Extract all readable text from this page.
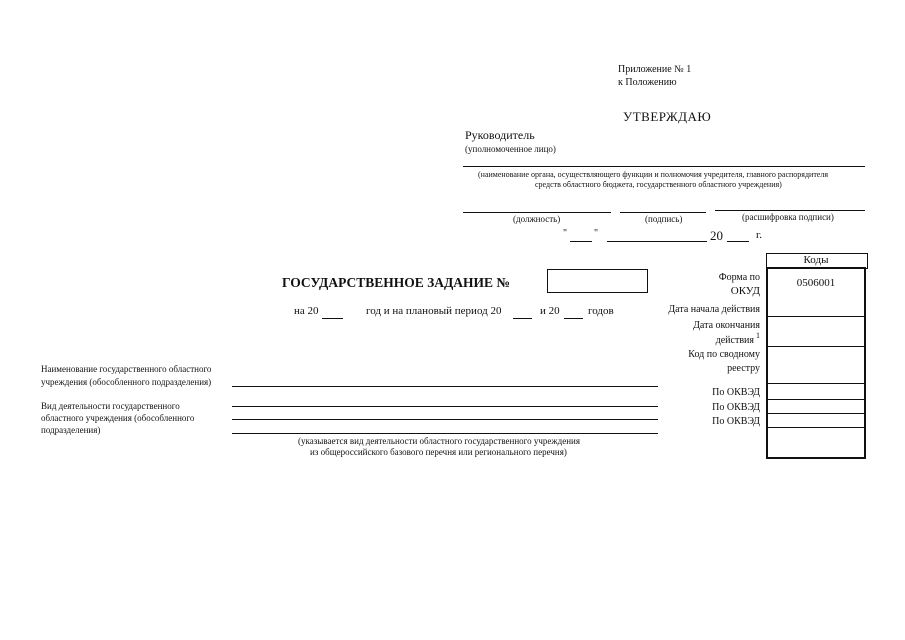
Приложение № 1
к Положению
УТВЕРЖДАЮ
Руководитель
(уполномоченное лицо)
(наименование органа, осуществляющего функции и полномочия учредителя, главного распорядителя
средств областного бюджета, государственного областного учреждения)
(должность)	(подпись)	(расшифровка подписи)
"	"	20	г.
ГОСУДАРСТВЕННОЕ ЗАДАНИЕ №
на 20	год и на плановый период 20	и 20	годов
Коды
Форма по
ОКУД
0506001
Дата начала действия
Дата окончания
действия 1
Код по сводному
реестру
По ОКВЭД
По ОКВЭД
По ОКВЭД
Наименование государственного областного
учреждения (обособленного подразделения)
Вид деятельности государственного
областного учреждения (обособленного
подразделения)
(указывается вид деятельности областного государственного учреждения
из общероссийского базового перечня или регионального перечня)
